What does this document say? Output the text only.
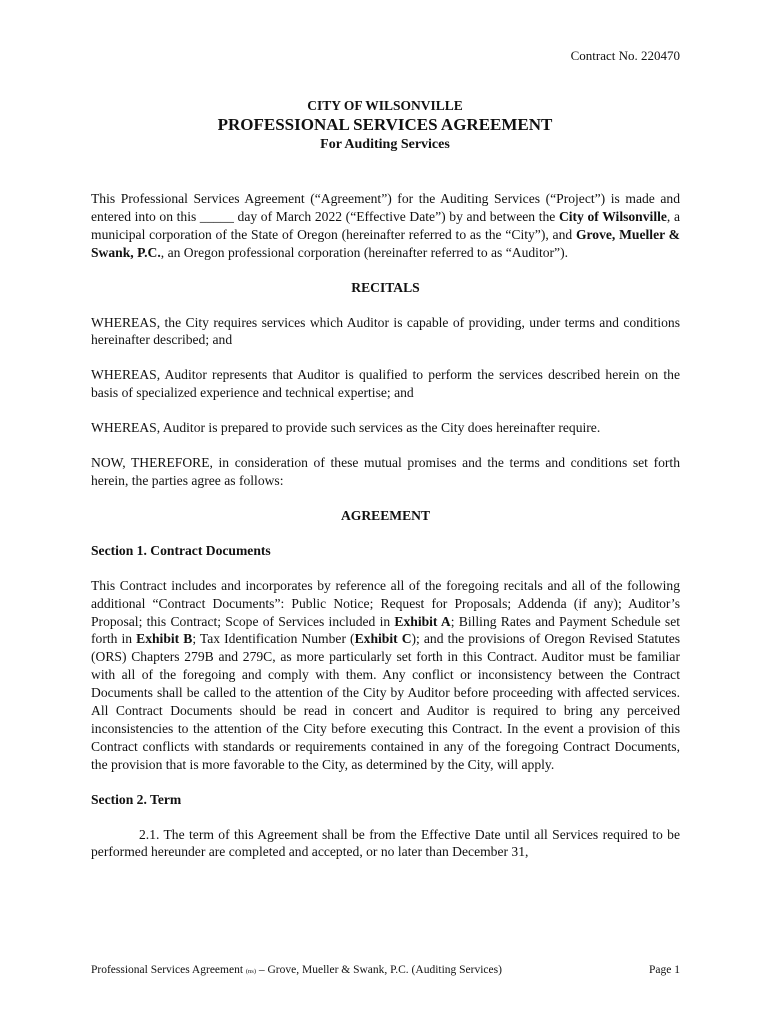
Contract No. 220470
CITY OF WILSONVILLE
PROFESSIONAL SERVICES AGREEMENT
For Auditing Services

This Professional Services Agreement (“Agreement”) for the Auditing Services (“Project”) is made and entered into on this _____ day of March 2022 (“Effective Date”) by and between the City of Wilsonville, a municipal corporation of the State of Oregon (hereinafter referred to as the “City”), and Grove, Mueller & Swank, P.C., an Oregon professional corporation (hereinafter referred to as “Auditor”).

RECITALS

WHEREAS, the City requires services which Auditor is capable of providing, under terms and conditions hereinafter described; and

WHEREAS, Auditor represents that Auditor is qualified to perform the services described herein on the basis of specialized experience and technical expertise; and

WHEREAS, Auditor is prepared to provide such services as the City does hereinafter require.

NOW, THEREFORE, in consideration of these mutual promises and the terms and conditions set forth herein, the parties agree as follows:

AGREEMENT

Section 1. Contract Documents

This Contract includes and incorporates by reference all of the foregoing recitals and all of the following additional “Contract Documents”: Public Notice; Request for Proposals; Addenda (if any); Auditor’s Proposal; this Contract; Scope of Services included in Exhibit A; Billing Rates and Payment Schedule set forth in Exhibit B; Tax Identification Number (Exhibit C); and the provisions of Oregon Revised Statutes (ORS) Chapters 279B and 279C, as more particularly set forth in this Contract. Auditor must be familiar with all of the foregoing and comply with them. Any conflict or inconsistency between the Contract Documents shall be called to the attention of the City by Auditor before proceeding with affected services. All Contract Documents should be read in concert and Auditor is required to bring any perceived inconsistencies to the attention of the City before executing this Contract. In the event a provision of this Contract conflicts with standards or requirements contained in any of the foregoing Contract Documents, the provision that is more favorable to the City, as determined by the City, will apply.

Section 2. Term

2.1. The term of this Agreement shall be from the Effective Date until all Services required to be performed hereunder are completed and accepted, or no later than December 31,

Professional Services Agreement (ns) – Grove, Mueller & Swank, P.C. (Auditing Services)	Page 1
